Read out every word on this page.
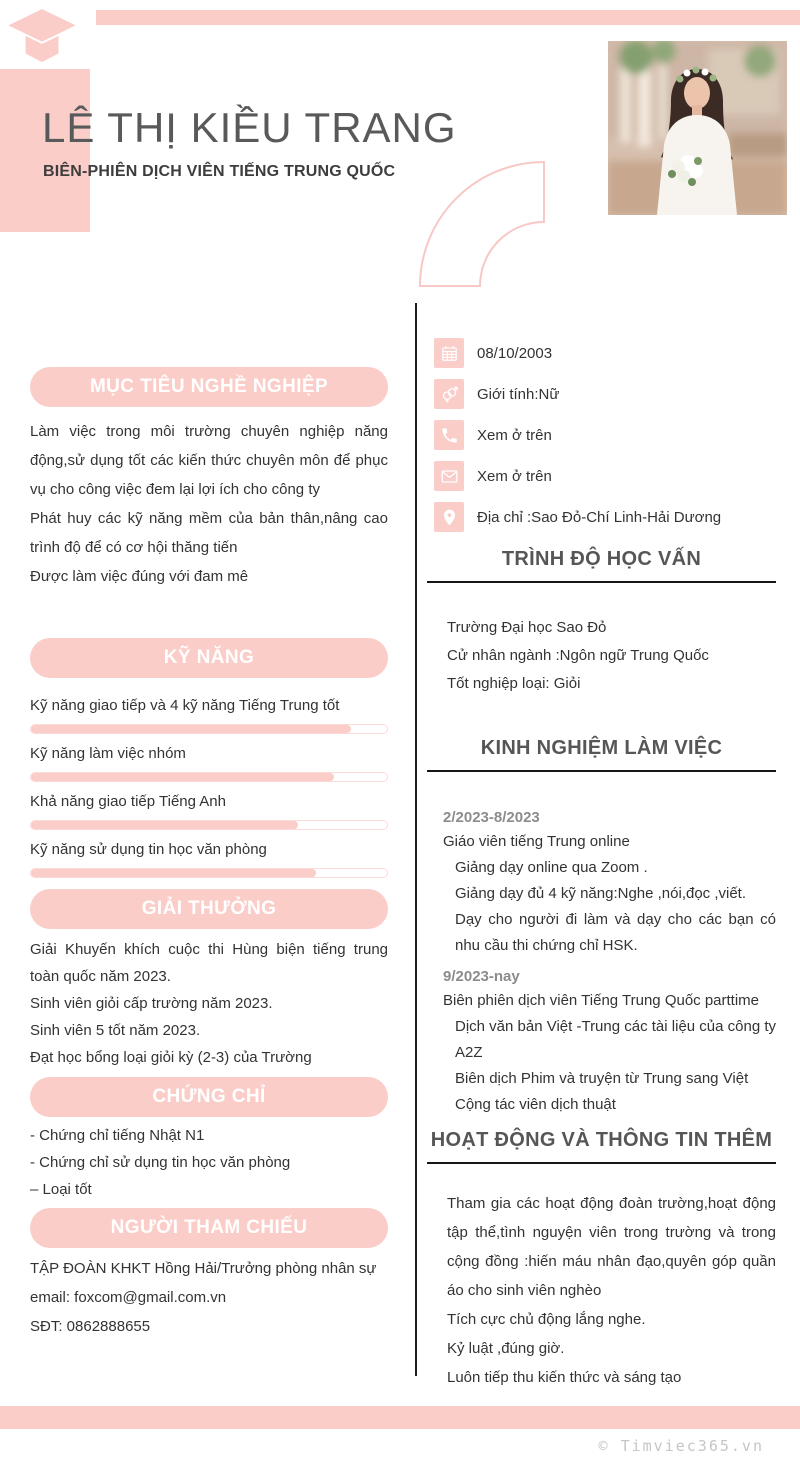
LÊ THỊ KIỀU TRANG
BIÊN-PHIÊN DỊCH VIÊN TIẾNG TRUNG QUỐC
MỤC TIÊU NGHỀ NGHIỆP

Làm việc trong môi trường chuyên nghiệp năng động,sử dụng tốt các kiến thức chuyên môn để phục vụ cho công việc đem lại lợi ích cho công ty

Phát huy các kỹ năng mềm của bản thân,nâng cao trình độ để có cơ hội thăng tiến

Được làm việc đúng với đam mê

KỸ NĂNG
Kỹ năng giao tiếp và 4 kỹ năng Tiếng Trung tốt
Kỹ năng làm việc nhóm
Khả năng giao tiếp Tiếng Anh
Kỹ năng sử dụng tin học văn phòng
GIẢI THƯỞNG
Giải Khuyến khích cuộc thi Hùng biện tiếng trung toàn quốc năm 2023.
Sinh viên giỏi cấp trường năm 2023.
Sinh viên 5 tốt năm 2023.
Đạt học bổng loại giỏi kỳ (2-3) của Trường
CHỨNG CHỈ
- Chứng chỉ tiếng Nhật N1
- Chứng chỉ sử dụng tin học văn phòng
– Loại tốt
NGƯỜI THAM CHIẾU
TẬP ĐOÀN KHKT Hồng Hải/Trưởng phòng nhân sự
email: foxcom@gmail.com.vn
SĐT: 0862888655
08/10/2003
Giới tính:Nữ
Xem ở trên
Xem ở trên
Địa chỉ :Sao Đỏ-Chí Linh-Hải Dương
TRÌNH ĐỘ HỌC VẤN
Trường Đại học Sao Đỏ
Cử nhân ngành :Ngôn ngữ Trung Quốc
Tốt nghiệp loại: Giỏi
KINH NGHIỆM LÀM VIỆC
2/2023-8/2023
Giáo viên tiếng Trung online
Giảng dạy online qua Zoom .
Giảng dạy đủ 4 kỹ năng:Nghe ,nói,đọc ,viết.
Dạy cho người đi làm và dạy cho các bạn có nhu cầu thi chứng chỉ HSK.
9/2023-nay
Biên phiên dịch viên Tiếng Trung Quốc parttime
Dịch văn bản Việt -Trung các tài liệu của công ty A2Z
Biên dịch Phim và truyện từ Trung sang Việt
Cộng tác viên dịch thuật
HOẠT ĐỘNG VÀ THÔNG TIN THÊM
Tham gia các hoạt động đoàn trường,hoạt động tập thể,tình nguyện viên trong trường và trong cộng đồng :hiến máu nhân đạo,quyên góp quần áo cho sinh viên nghèo
Tích cực chủ động lắng nghe.
Kỷ luật ,đúng giờ.
Luôn tiếp thu kiến thức và sáng tạo
© Timviec365.vn
